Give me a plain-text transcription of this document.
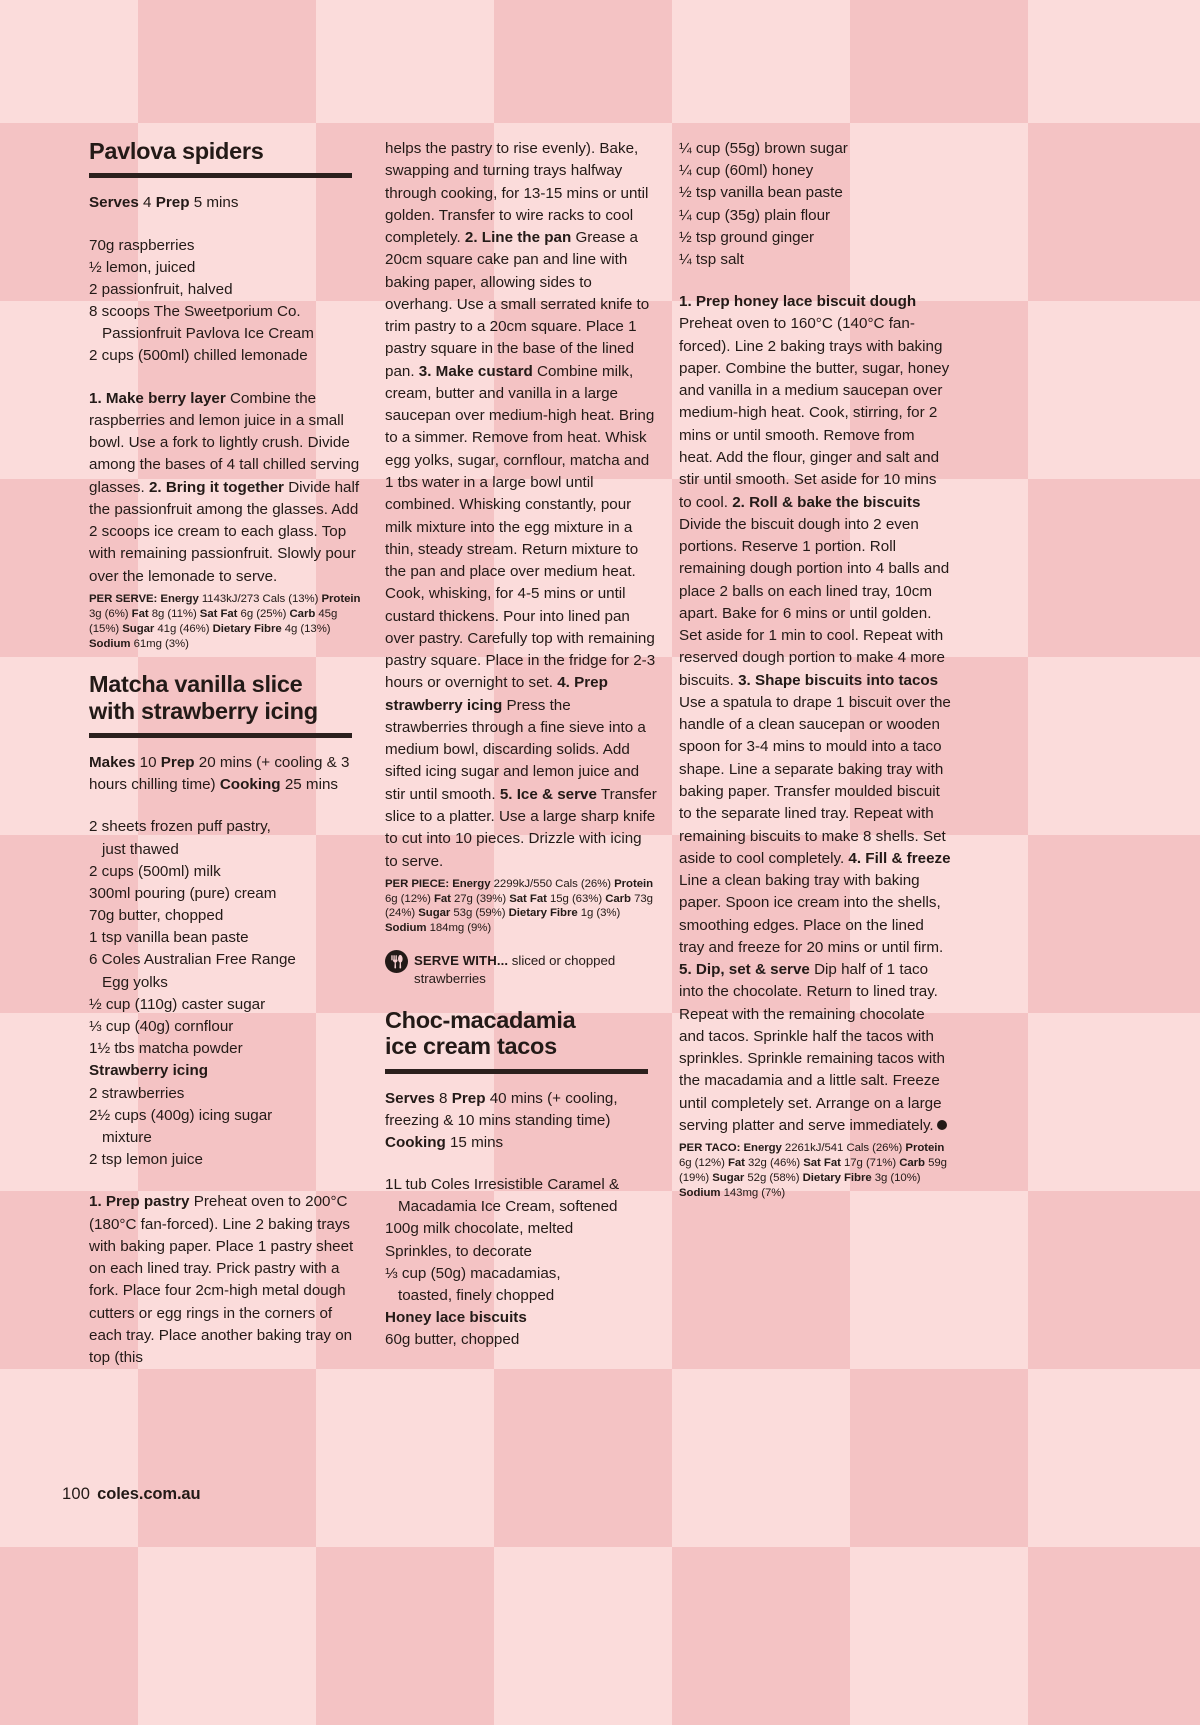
Pavlova spiders
Serves 4 Prep 5 mins
70g raspberries
½ lemon, juiced
2 passionfruit, halved
8 scoops The Sweetporium Co.
Passionfruit Pavlova Ice Cream
2 cups (500ml) chilled lemonade
1. Make berry layer Combine the raspberries and lemon juice in a small bowl. Use a fork to lightly crush. Divide among the bases of 4 tall chilled serving glasses. 2. Bring it together Divide half the passionfruit among the glasses. Add 2 scoops ice cream to each glass. Top with remaining passionfruit. Slowly pour over the lemonade to serve.
PER SERVE: Energy 1143kJ/273 Cals (13%) Protein 3g (6%) Fat 8g (11%) Sat Fat 6g (25%) Carb 45g (15%) Sugar 41g (46%) Dietary Fibre 4g (13%) Sodium 61mg (3%)
Matcha vanilla slice
with strawberry icing
Makes 10 Prep 20 mins (+ cooling & 3 hours chilling time) Cooking 25 mins
2 sheets frozen puff pastry,
just thawed
2 cups (500ml) milk
300ml pouring (pure) cream
70g butter, chopped
1 tsp vanilla bean paste
6 Coles Australian Free Range
Egg yolks
½ cup (110g) caster sugar
⅓ cup (40g) cornflour
1½ tbs matcha powder
Strawberry icing
2 strawberries
2½ cups (400g) icing sugar
mixture
2 tsp lemon juice
1. Prep pastry Preheat oven to 200°C (180°C fan-forced). Line 2 baking trays with baking paper. Place 1 pastry sheet on each lined tray. Prick pastry with a fork. Place four 2cm-high metal dough cutters or egg rings in the corners of each tray. Place another baking tray on top (this
helps the pastry to rise evenly). Bake, swapping and turning trays halfway through cooking, for 13-15 mins or until golden. Transfer to wire racks to cool completely. 2. Line the pan Grease a 20cm square cake pan and line with baking paper, allowing sides to overhang. Use a small serrated knife to trim pastry to a 20cm square. Place 1 pastry square in the base of the lined pan. 3. Make custard Combine milk, cream, butter and vanilla in a large saucepan over medium-high heat. Bring to a simmer. Remove from heat. Whisk egg yolks, sugar, cornflour, matcha and 1 tbs water in a large bowl until combined. Whisking constantly, pour milk mixture into the egg mixture in a thin, steady stream. Return mixture to the pan and place over medium heat. Cook, whisking, for 4-5 mins or until custard thickens. Pour into lined pan over pastry. Carefully top with remaining pastry square. Place in the fridge for 2-3 hours or overnight to set. 4. Prep strawberry icing Press the strawberries through a fine sieve into a medium bowl, discarding solids. Add sifted icing sugar and lemon juice and stir until smooth. 5. Ice & serve Transfer slice to a platter. Use a large sharp knife to cut into 10 pieces. Drizzle with icing to serve.
PER PIECE: Energy 2299kJ/550 Cals (26%) Protein 6g (12%) Fat 27g (39%) Sat Fat 15g (63%) Carb 73g (24%) Sugar 53g (59%) Dietary Fibre 1g (3%) Sodium 184mg (9%)
SERVE WITH... sliced or chopped strawberries
Choc-macadamia
ice cream tacos
Serves 8 Prep 40 mins (+ cooling, freezing & 10 mins standing time) Cooking 15 mins
1L tub Coles Irresistible Caramel &
Macadamia Ice Cream, softened
100g milk chocolate, melted
Sprinkles, to decorate
⅓ cup (50g) macadamias,
toasted, finely chopped
Honey lace biscuits
60g butter, chopped
¼ cup (55g) brown sugar
¼ cup (60ml) honey
½ tsp vanilla bean paste
¼ cup (35g) plain flour
½ tsp ground ginger
¼ tsp salt
1. Prep honey lace biscuit dough Preheat oven to 160°C (140°C fan-forced). Line 2 baking trays with baking paper. Combine the butter, sugar, honey and vanilla in a medium saucepan over medium-high heat. Cook, stirring, for 2 mins or until smooth. Remove from heat. Add the flour, ginger and salt and stir until smooth. Set aside for 10 mins to cool. 2. Roll & bake the biscuits Divide the biscuit dough into 2 even portions. Reserve 1 portion. Roll remaining dough portion into 4 balls and place 2 balls on each lined tray, 10cm apart. Bake for 6 mins or until golden. Set aside for 1 min to cool. Repeat with reserved dough portion to make 4 more biscuits. 3. Shape biscuits into tacos Use a spatula to drape 1 biscuit over the handle of a clean saucepan or wooden spoon for 3-4 mins to mould into a taco shape. Line a separate baking tray with baking paper. Transfer moulded biscuit to the separate lined tray. Repeat with remaining biscuits to make 8 shells. Set aside to cool completely. 4. Fill & freeze Line a clean baking tray with baking paper. Spoon ice cream into the shells, smoothing edges. Place on the lined tray and freeze for 20 mins or until firm. 5. Dip, set & serve Dip half of 1 taco into the chocolate. Return to lined tray. Repeat with the remaining chocolate and tacos. Sprinkle half the tacos with sprinkles. Sprinkle remaining tacos with the macadamia and a little salt. Freeze until completely set. Arrange on a large serving platter and serve immediately.
PER TACO: Energy 2261kJ/541 Cals (26%) Protein 6g (12%) Fat 32g (46%) Sat Fat 17g (71%) Carb 59g (19%) Sugar 52g (58%) Dietary Fibre 3g (10%) Sodium 143mg (7%)
100 coles.com.au
